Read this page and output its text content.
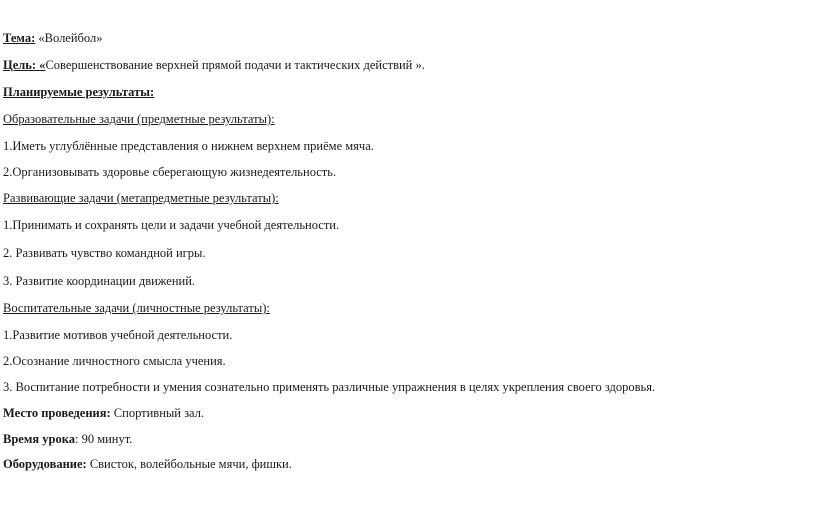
Тема: «Волейбол»
Цель: «Совершенствование верхней прямой подачи и тактических действий ».
Планируемые результаты:
Образовательные задачи (предметные результаты):
1.Иметь углублённые представления о нижнем верхнем приёме мяча.
2.Организовывать здоровье сберегающую жизнедеятельность.
Развивающие задачи (метапредметные результаты):
1.Принимать и сохранять цели и задачи учебной деятельности.
2. Развивать чувство командной игры.
3. Развитие координации движений.
Воспитательные задачи (личностные результаты):
1.Развитие мотивов учебной деятельности.
2.Осознание личностного смысла учения.
3. Воспитание потребности и умения сознательно применять различные упражнения в целях укрепления своего здоровья.
Место проведения: Спортивный зал.
Время урока: 90 минут.
Оборудование: Свисток, волейбольные мячи, фишки.
